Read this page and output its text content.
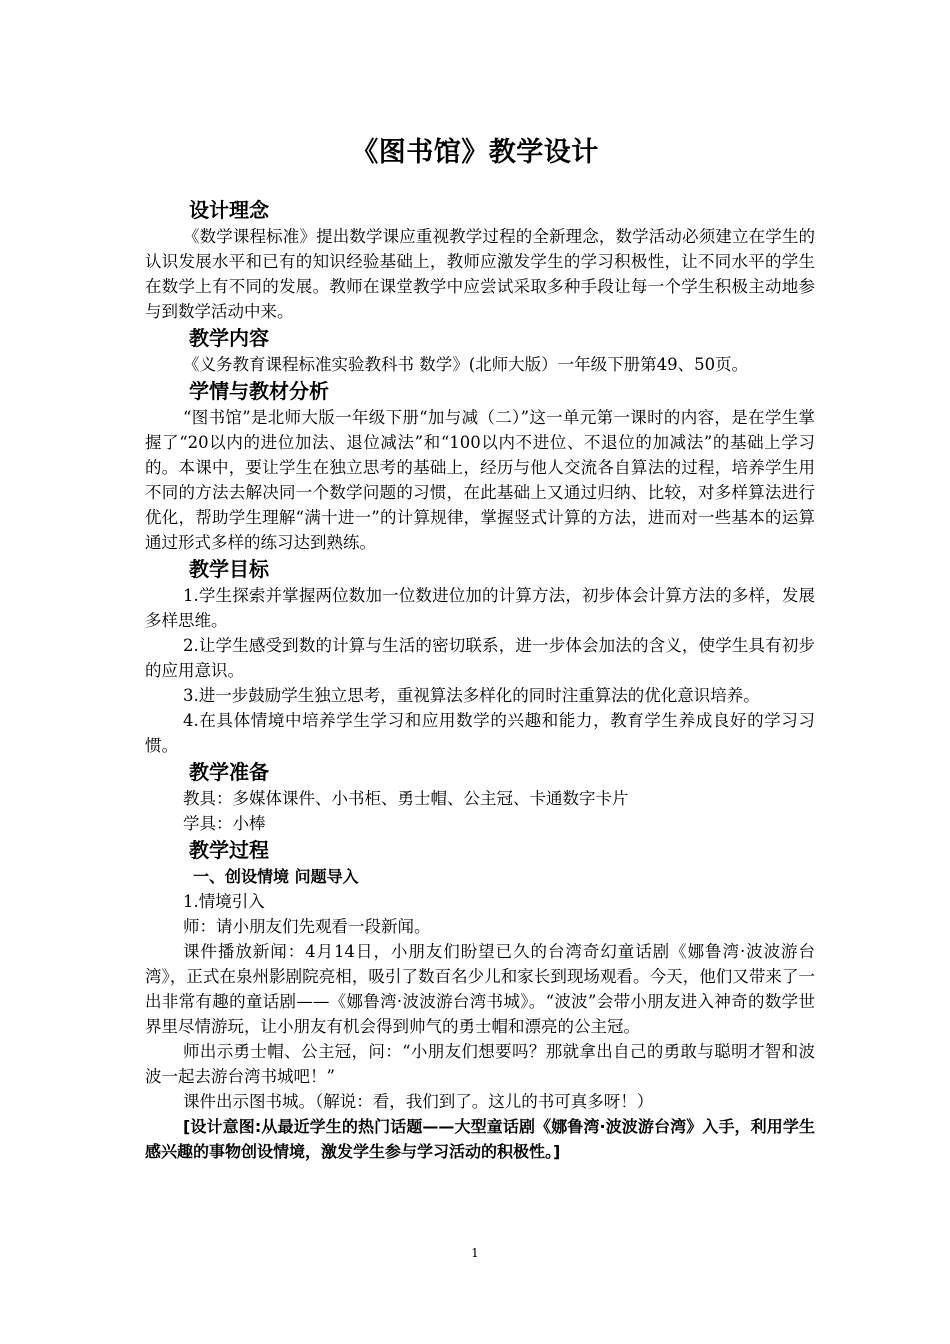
《图书馆》教学设计
设计理念

《数学课程标准》提出数学课应重视教学过程的全新理念，数学活动必须建立在学生的认识发展水平和已有的知识经验基础上，教师应激发学生的学习积极性，让不同水平的学生在数学上有不同的发展。教师在课堂教学中应尝试采取多种手段让每一个学生积极主动地参与到数学活动中来。

教学内容

《义务教育课程标准实验教科书 数学》(北师大版）一年级下册第49、50页。

学情与教材分析

“图书馆”是北师大版一年级下册“加与减（二）”这一单元第一课时的内容，是在学生掌握了“20以内的进位加法、退位减法”和“100以内不进位、不退位的加减法”的基础上学习的。本课中，要让学生在独立思考的基础上，经历与他人交流各自算法的过程，培养学生用不同的方法去解决同一个数学问题的习惯，在此基础上又通过归纳、比较，对多样算法进行优化，帮助学生理解“满十进一”的计算规律，掌握竖式计算的方法，进而对一些基本的运算通过形式多样的练习达到熟练。

教学目标

1.学生探索并掌握两位数加一位数进位加的计算方法，初步体会计算方法的多样，发展多样思维。

2.让学生感受到数的计算与生活的密切联系，进一步体会加法的含义，使学生具有初步的应用意识。

3.进一步鼓励学生独立思考，重视算法多样化的同时注重算法的优化意识培养。

4.在具体情境中培养学生学习和应用数学的兴趣和能力，教育学生养成良好的学习习惯。

教学准备

教具：多媒体课件、小书柜、勇士帽、公主冠、卡通数字卡片

学具：小棒

教学过程
一、创设情境 问题导入

1.情境引入

师：请小朋友们先观看一段新闻。

课件播放新闻：4月14日，小朋友们盼望已久的台湾奇幻童话剧《娜鲁湾·波波游台湾》，正式在泉州影剧院亮相，吸引了数百名少儿和家长到现场观看。今天，他们又带来了一出非常有趣的童话剧——《娜鲁湾·波波游台湾书城》。“波波”会带小朋友进入神奇的数学世界里尽情游玩，让小朋友有机会得到帅气的勇士帽和漂亮的公主冠。

师出示勇士帽、公主冠，问：“小朋友们想要吗？那就拿出自己的勇敢与聪明才智和波波一起去游台湾书城吧！”

课件出示图书城。（解说：看，我们到了。这儿的书可真多呀！）

[设计意图:从最近学生的热门话题——大型童话剧《娜鲁湾·波波游台湾》入手，利用学生感兴趣的事物创设情境，激发学生参与学习活动的积极性。]

1
